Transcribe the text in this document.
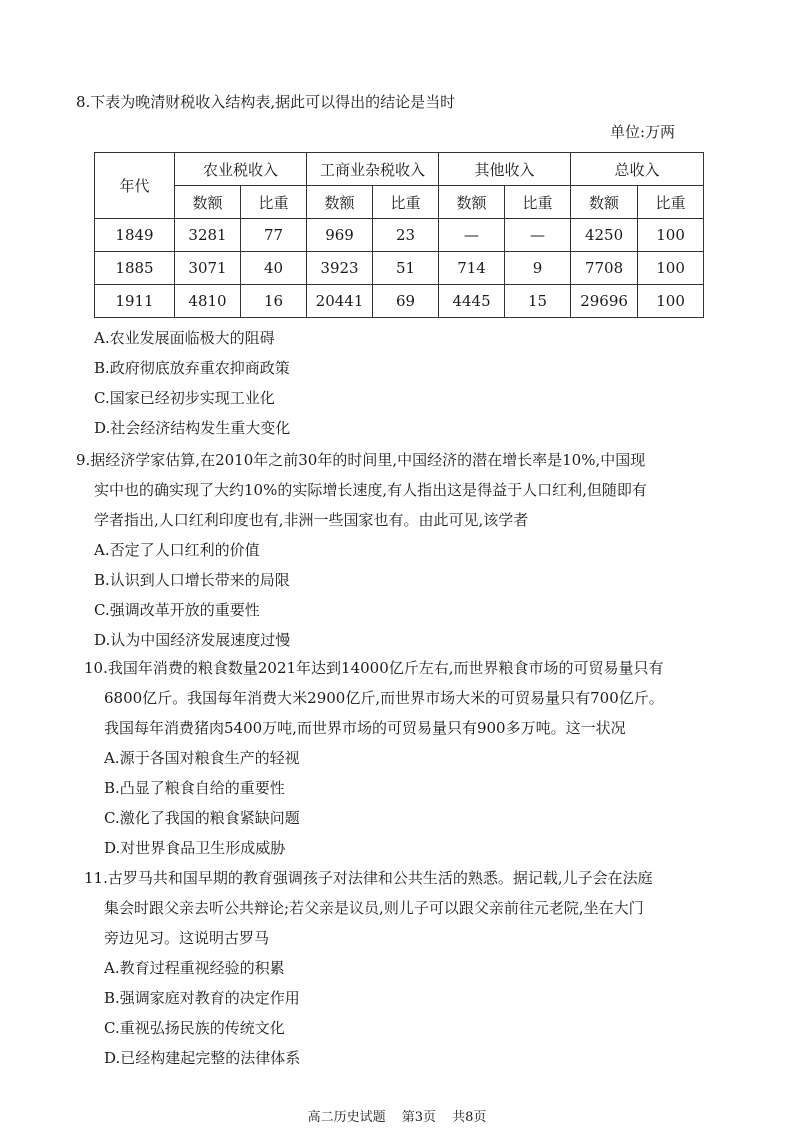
8.下表为晚清财税收入结构表,据此可以得出的结论是当时
单位:万两
年代	农业税收入		工商业杂税收入		其他收入		总收入	
	数额	比重	数额	比重	数额	比重	数额	比重
1849	3281	77	969	23	—	—	4250	100
1885	3071	40	3923	51	714	9	7708	100
1911	4810	16	20441	69	4445	15	29696	100
A.农业发展面临极大的阻碍
B.政府彻底放弃重农抑商政策
C.国家已经初步实现工业化
D.社会经济结构发生重大变化
9.据经济学家估算,在2010年之前30年的时间里,中国经济的潜在增长率是10%,中国现
实中也的确实现了大约10%的实际增长速度,有人指出这是得益于人口红利,但随即有
学者指出,人口红利印度也有,非洲一些国家也有。由此可见,该学者
A.否定了人口红利的价值
B.认识到人口增长带来的局限
C.强调改革开放的重要性
D.认为中国经济发展速度过慢
10.我国年消费的粮食数量2021年达到14000亿斤左右,而世界粮食市场的可贸易量只有
6800亿斤。我国每年消费大米2900亿斤,而世界市场大米的可贸易量只有700亿斤。
我国每年消费猪肉5400万吨,而世界市场的可贸易量只有900多万吨。这一状况
A.源于各国对粮食生产的轻视
B.凸显了粮食自给的重要性
C.激化了我国的粮食紧缺问题
D.对世界食品卫生形成威胁
11.古罗马共和国早期的教育强调孩子对法律和公共生活的熟悉。据记载,儿子会在法庭
集会时跟父亲去听公共辩论;若父亲是议员,则儿子可以跟父亲前往元老院,坐在大门
旁边见习。这说明古罗马
A.教育过程重视经验的积累
B.强调家庭对教育的决定作用
C.重视弘扬民族的传统文化
D.已经构建起完整的法律体系
高二历史试题 第3页 共8页
